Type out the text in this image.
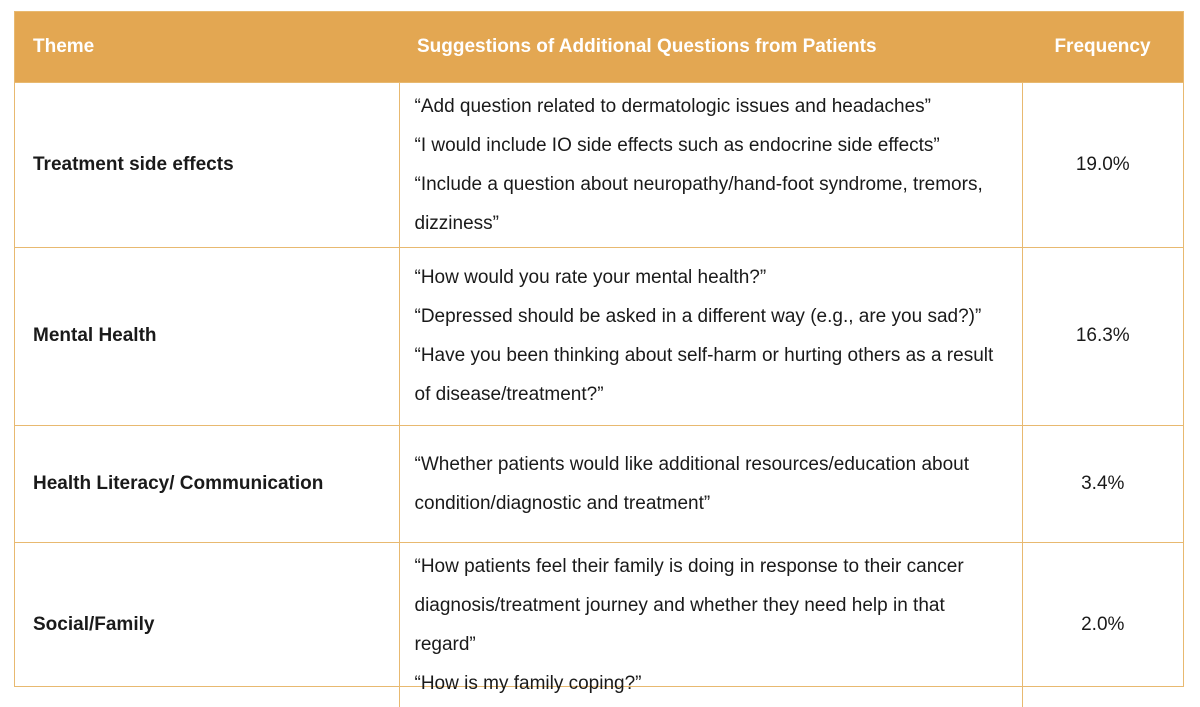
Theme	Suggestions of Additional Questions from Patients	Frequency
Treatment side effects	“Add question related to dermatologic issues and headaches”

“I would include IO side effects such as endocrine side effects”

“Include a question about neuropathy/hand-foot syndrome, tremors, dizziness”	19.0%
Mental Health	“How would you rate your mental health?”

“Depressed should be asked in a different way (e.g., are you sad?)”

“Have you been thinking about self-harm or hurting others as a result of disease/treatment?”	16.3%
Health Literacy/ Communication	“Whether patients would like additional resources/education about condition/diagnostic and treatment”	3.4%
Social/Family	“How patients feel their family is doing in response to their cancer diagnosis/treatment journey and whether they need help in that regard”

“How is my family coping?”	2.0%
